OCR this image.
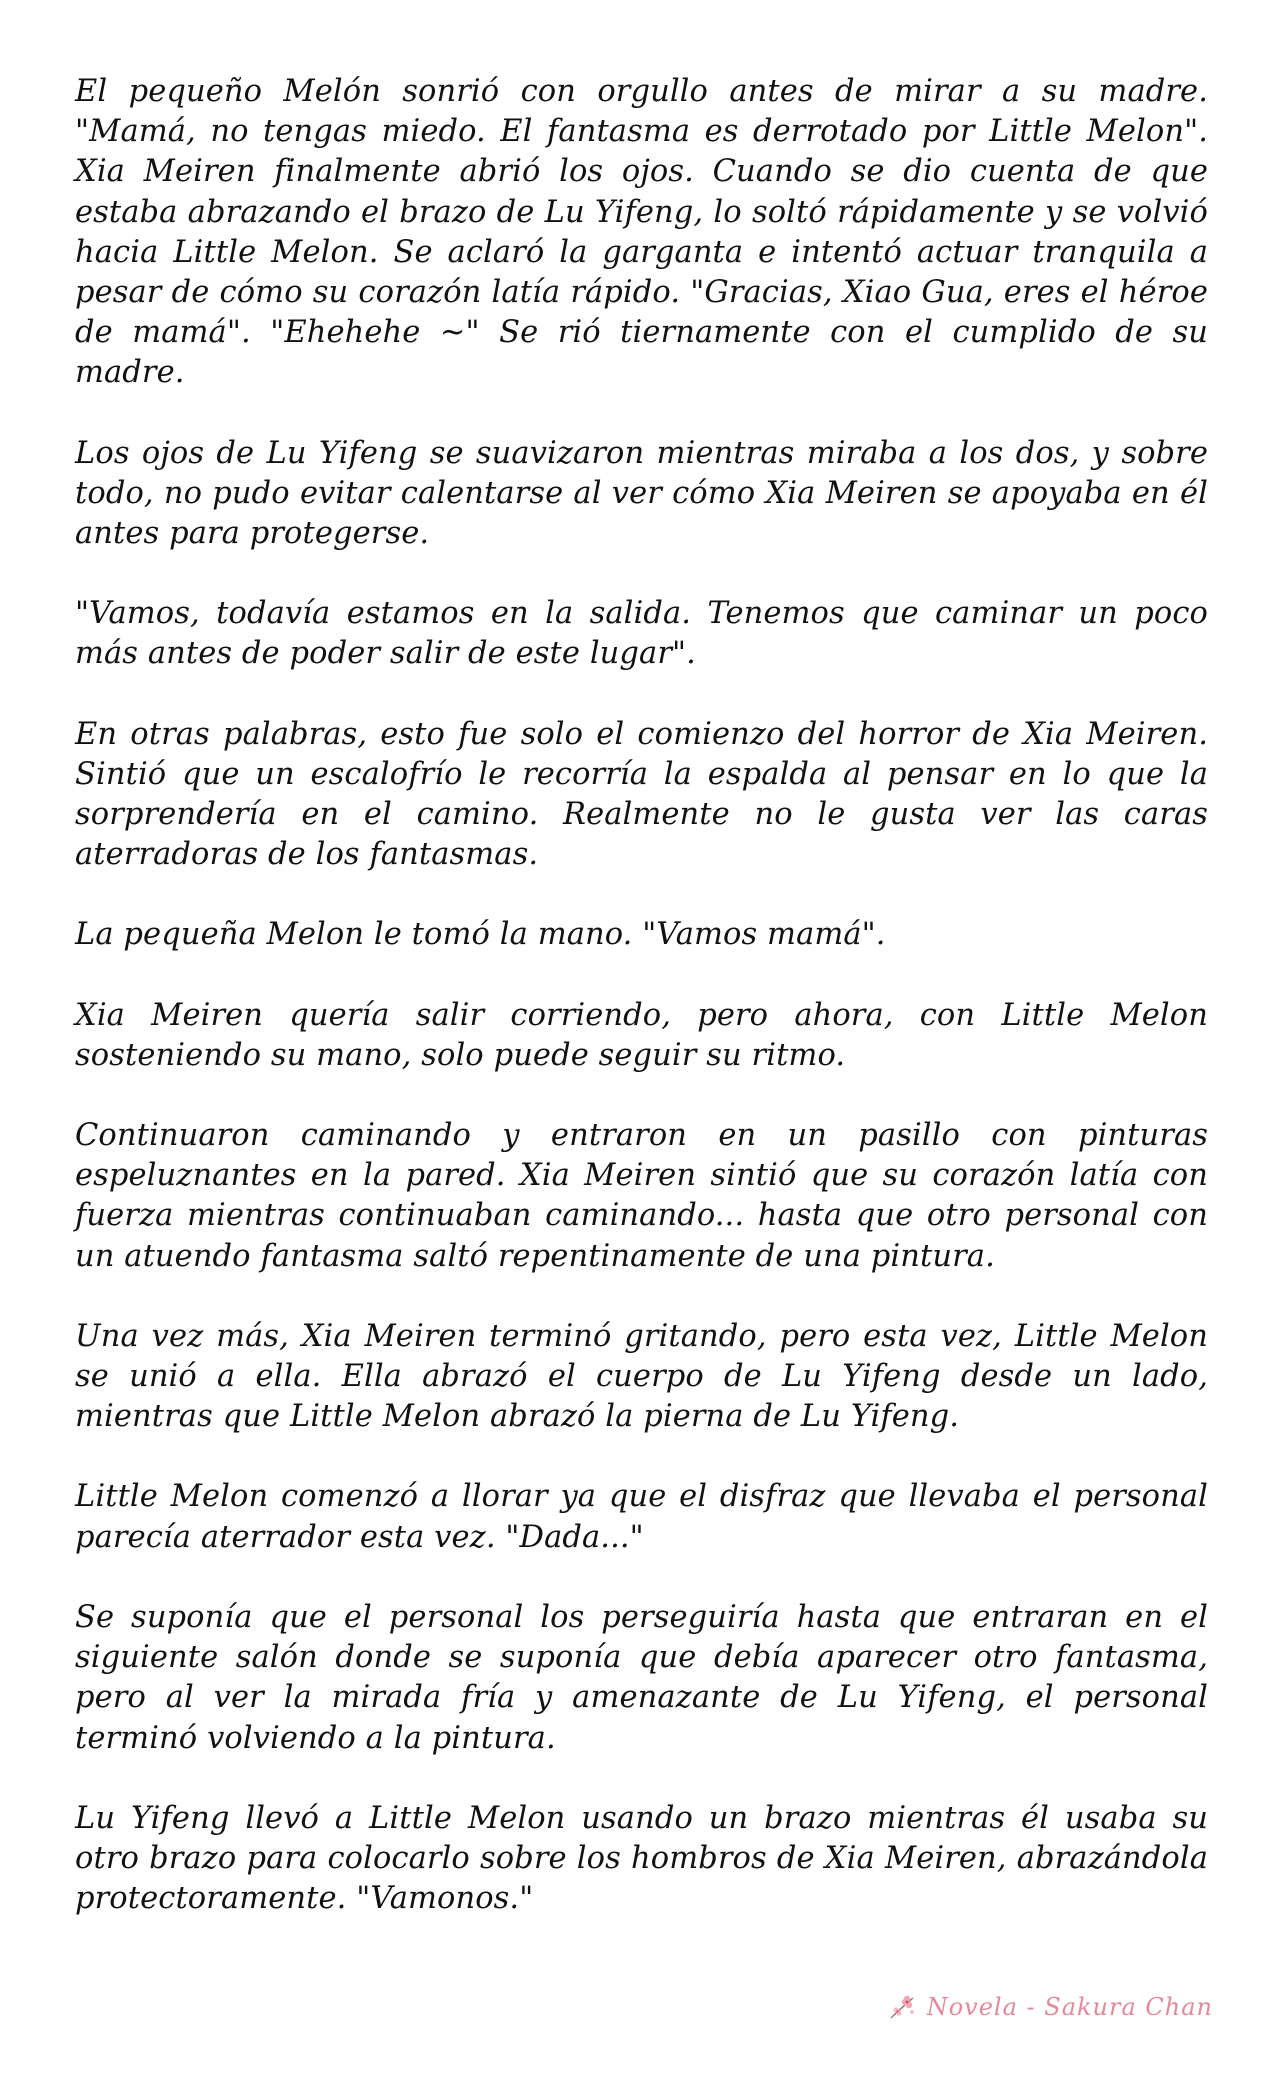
El pequeño Melón sonrió con orgullo antes de mirar a su madre. "Mamá, no tengas miedo. El fantasma es derrotado por Little Melon". Xia Meiren finalmente abrió los ojos. Cuando se dio cuenta de que estaba abrazando el brazo de Lu Yifeng, lo soltó rápidamente y se volvió hacia Little Melon. Se aclaró la garganta e intentó actuar tranquila a pesar de cómo su corazón latía rápido. "Gracias, Xiao Gua, eres el héroe de mamá". "Ehehehe ~" Se rió tiernamente con el cumplido de su madre.

Los ojos de Lu Yifeng se suavizaron mientras miraba a los dos, y sobre todo, no pudo evitar calentarse al ver cómo Xia Meiren se apoyaba en él antes para protegerse.

"Vamos, todavía estamos en la salida. Tenemos que caminar un poco más antes de poder salir de este lugar".

En otras palabras, esto fue solo el comienzo del horror de Xia Meiren. Sintió que un escalofrío le recorría la espalda al pensar en lo que la sorprendería en el camino. Realmente no le gusta ver las caras aterradoras de los fantasmas.

La pequeña Melon le tomó la mano. "Vamos mamá".

Xia Meiren quería salir corriendo, pero ahora, con Little Melon sosteniendo su mano, solo puede seguir su ritmo.

Continuaron caminando y entraron en un pasillo con pinturas espeluznantes en la pared. Xia Meiren sintió que su corazón latía con fuerza mientras continuaban caminando... hasta que otro personal con un atuendo fantasma saltó repentinamente de una pintura.

Una vez más, Xia Meiren terminó gritando, pero esta vez, Little Melon se unió a ella. Ella abrazó el cuerpo de Lu Yifeng desde un lado, mientras que Little Melon abrazó la pierna de Lu Yifeng.

Little Melon comenzó a llorar ya que el disfraz que llevaba el personal parecía aterrador esta vez. "Dada..."

Se suponía que el personal los perseguiría hasta que entraran en el siguiente salón donde se suponía que debía aparecer otro fantasma, pero al ver la mirada fría y amenazante de Lu Yifeng, el personal terminó volviendo a la pintura.

Lu Yifeng llevó a Little Melon usando un brazo mientras él usaba su otro brazo para colocarlo sobre los hombros de Xia Meiren, abrazándola protectoramente. "Vamonos."

Novela - Sakura Chan
